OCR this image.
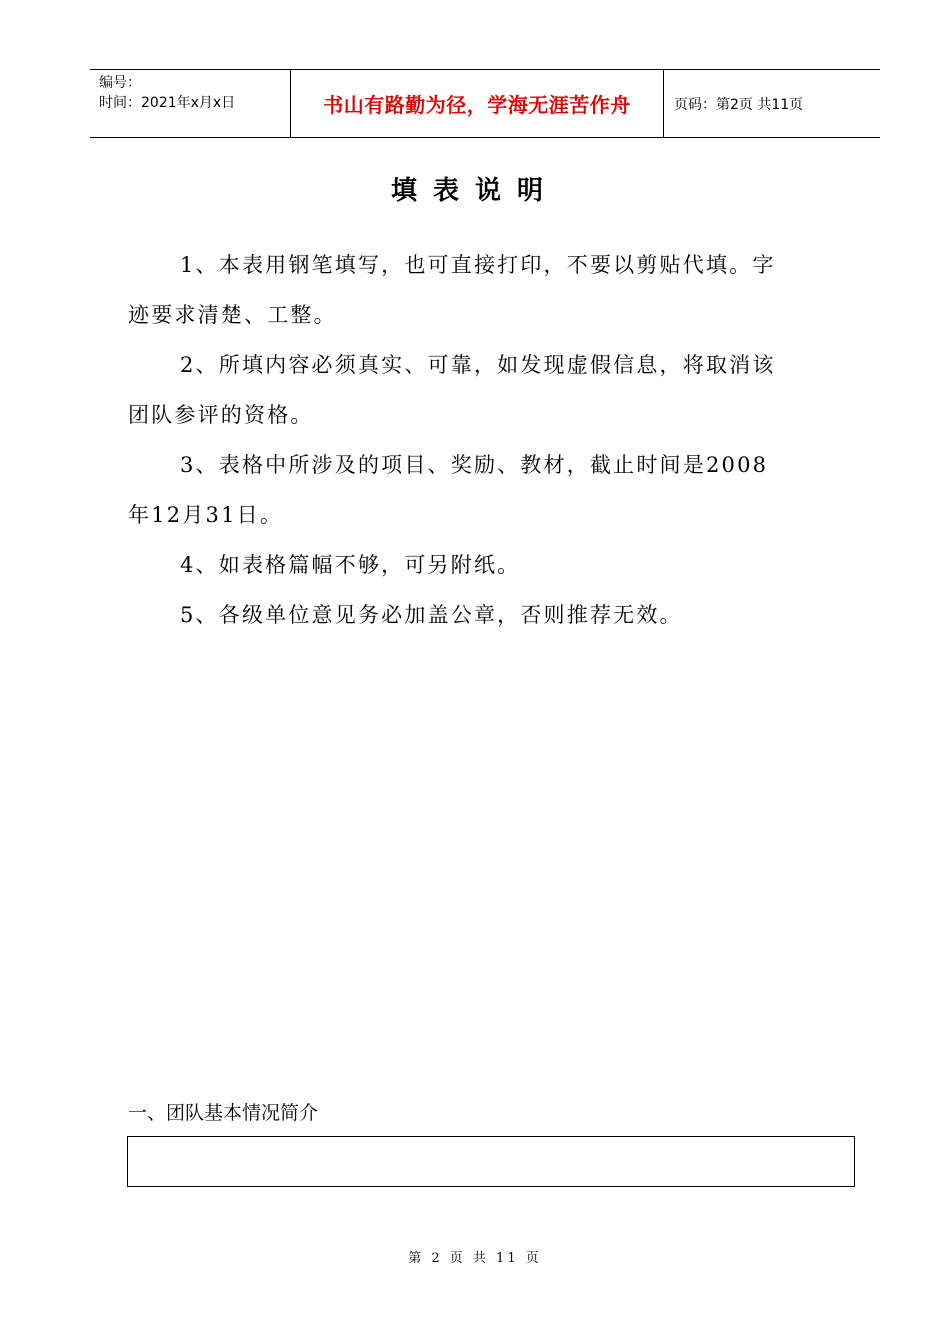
编号：
时间：2021年x月x日	书山有路勤为径，学海无涯苦作舟	页码：第2页 共11页
填表说明
1、本表用钢笔填写，也可直接打印，不要以剪贴代填。字
迹要求清楚、工整。
2、所填内容必须真实、可靠，如发现虚假信息，将取消该
团队参评的资格。
3、表格中所涉及的项目、奖励、教材，截止时间是2008
年12月31日。
4、如表格篇幅不够，可另附纸。
5、各级单位意见务必加盖公章，否则推荐无效。
一、团队基本情况简介
第 2 页 共 11 页
